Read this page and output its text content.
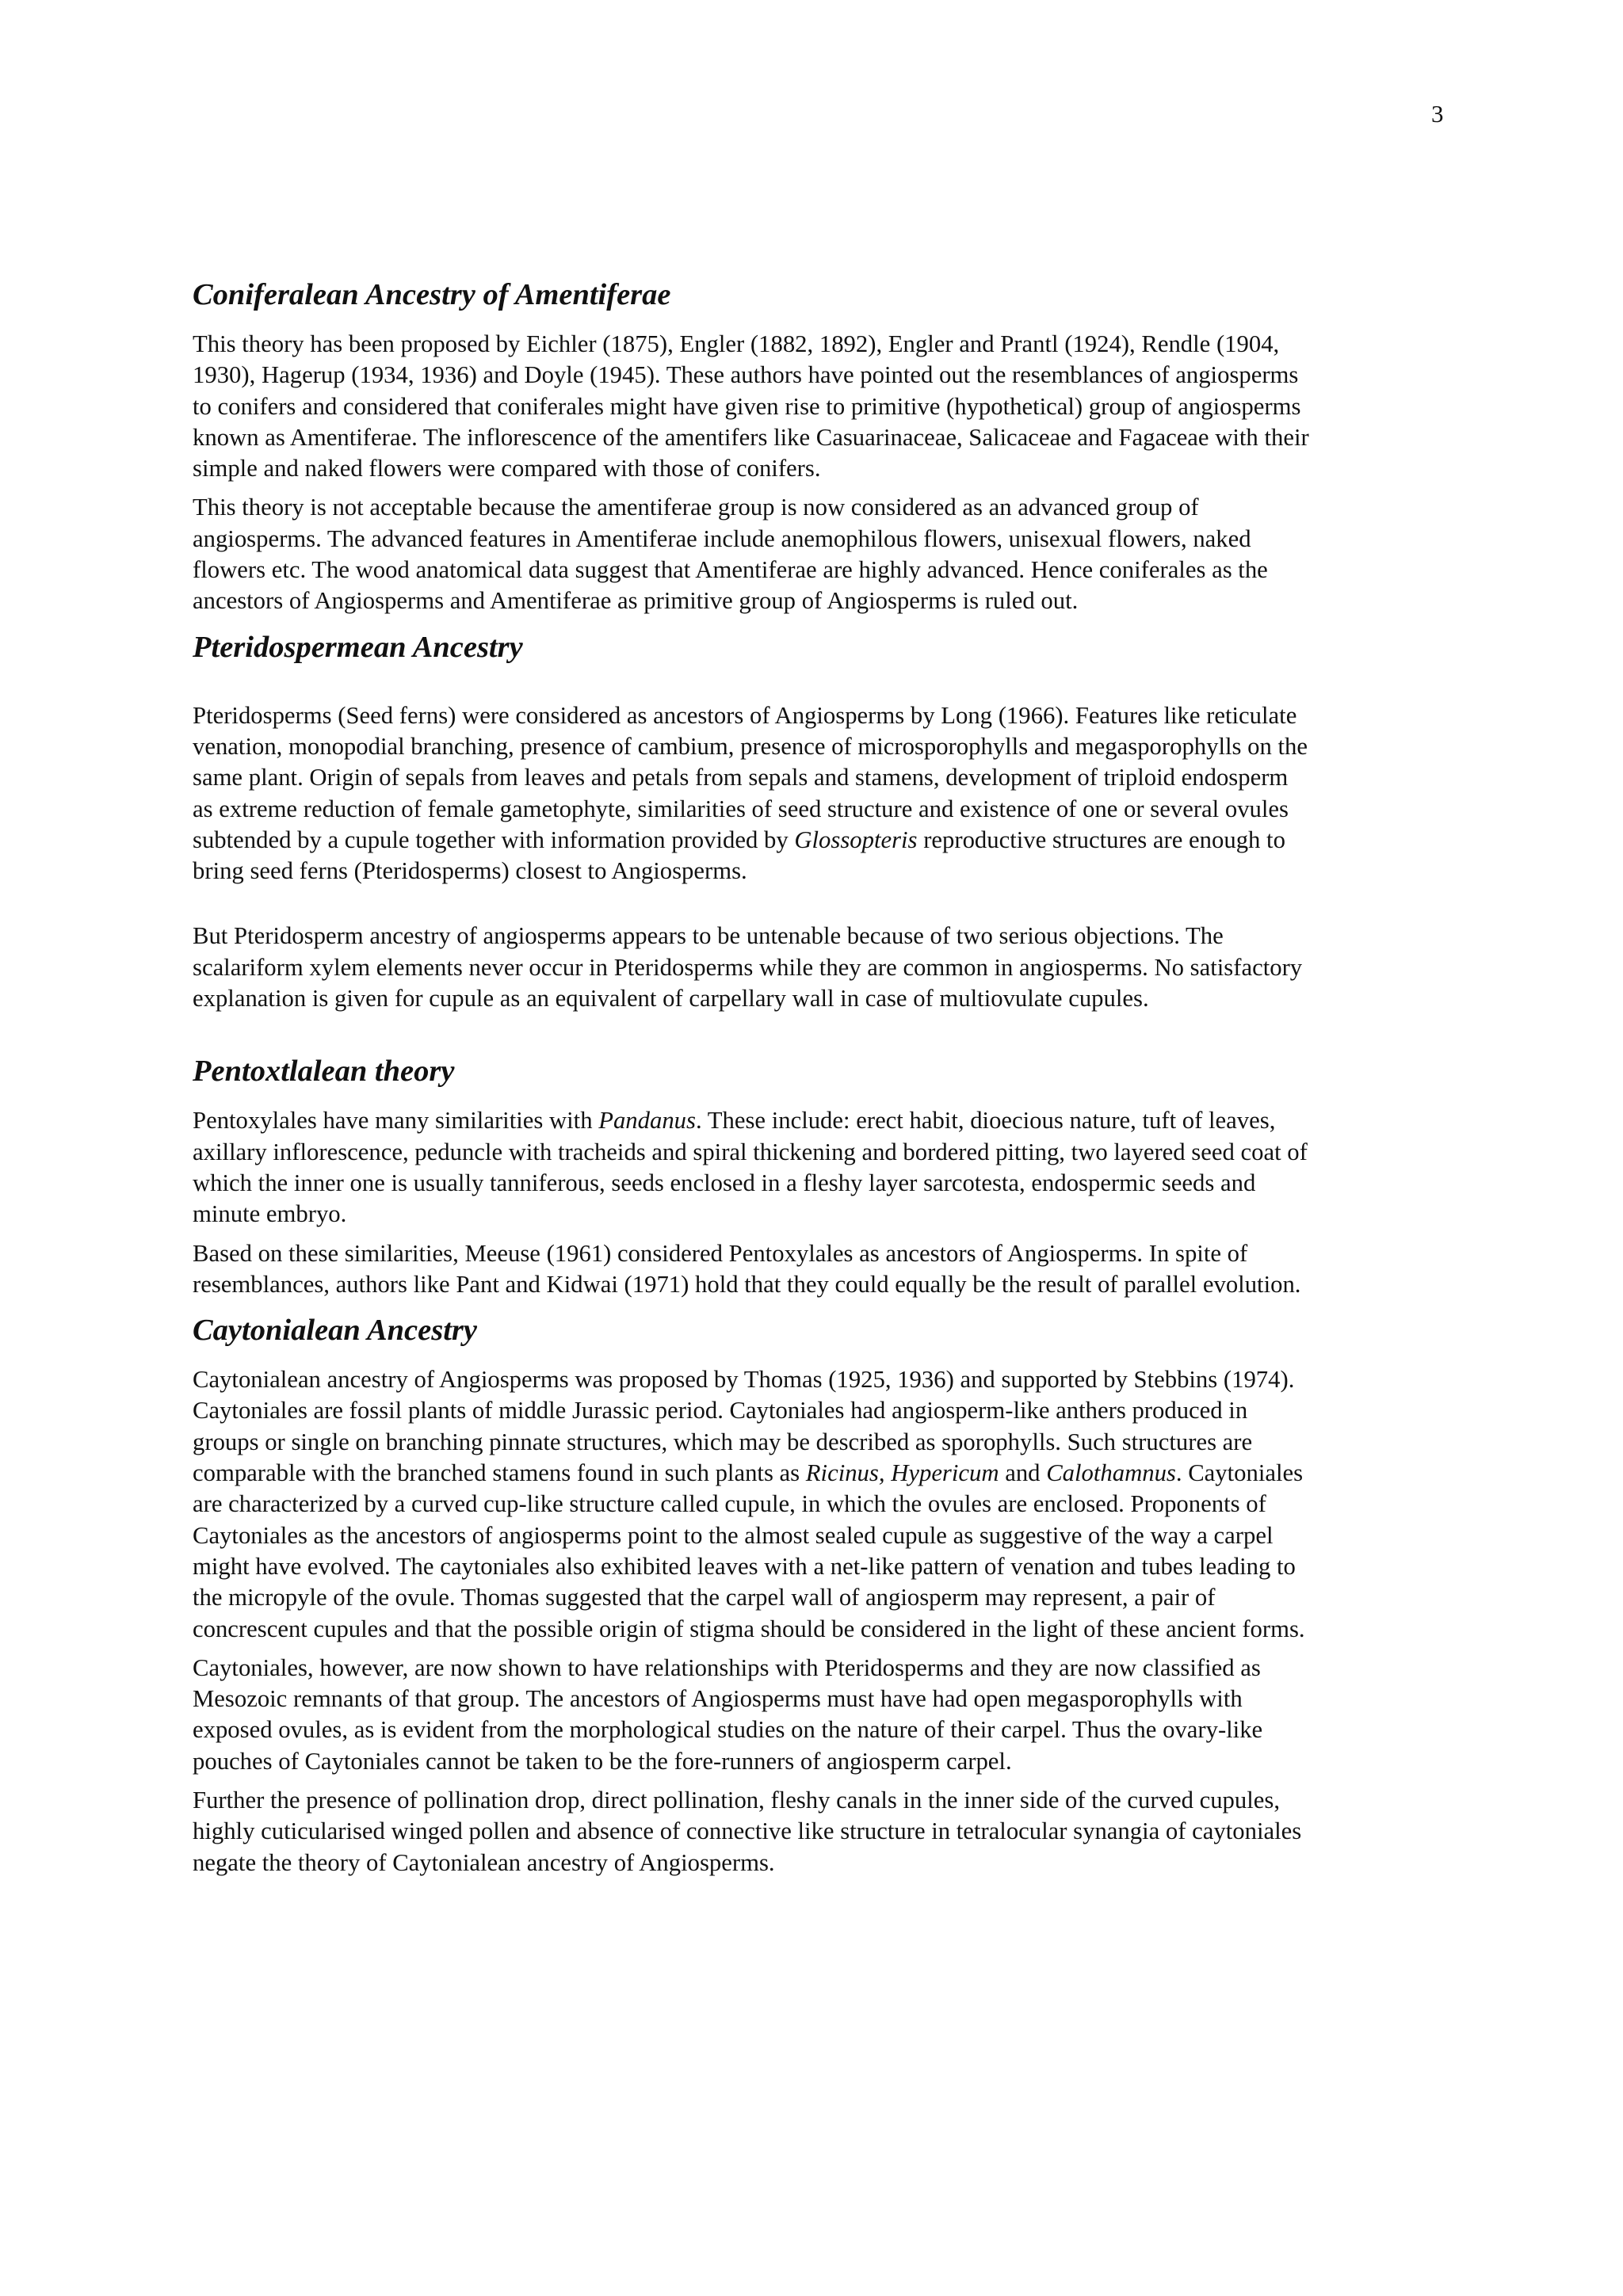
3
Coniferalean Ancestry of Amentiferae

This theory has been proposed by Eichler (1875), Engler (1882, 1892), Engler and Prantl (1924), Rendle (1904,
1930), Hagerup (1934, 1936) and Doyle (1945). These authors have pointed out the resemblances of angiosperms
to conifers and considered that coniferales might have given rise to primitive (hypothetical) group of angiosperms
known as Amentiferae. The inflorescence of the amentifers like Casuarinaceae, Salicaceae and Fagaceae with their
simple and naked flowers were compared with those of conifers.

This theory is not acceptable because the amentiferae group is now considered as an advanced group of
angiosperms. The advanced features in Amentiferae include anemophilous flowers, unisexual flowers, naked
flowers etc. The wood anatomical data suggest that Amentiferae are highly advanced. Hence coniferales as the
ancestors of Angiosperms and Amentiferae as primitive group of Angiosperms is ruled out.

Pteridospermean Ancestry

Pteridosperms (Seed ferns) were considered as ancestors of Angiosperms by Long (1966). Features like reticulate
venation, monopodial branching, presence of cambium, presence of microsporophylls and megasporophylls on the
same plant. Origin of sepals from leaves and petals from sepals and stamens, development of triploid endosperm
as extreme reduction of female gametophyte, similarities of seed structure and existence of one or several ovules
subtended by a cupule together with information provided by Glossopteris reproductive structures are enough to
bring seed ferns (Pteridosperms) closest to Angiosperms.

But Pteridosperm ancestry of angiosperms appears to be untenable because of two serious objections. The
scalariform xylem elements never occur in Pteridosperms while they are common in angiosperms. No satisfactory
explanation is given for cupule as an equivalent of carpellary wall in case of multiovulate cupules.

Pentoxtlalean theory

Pentoxylales have many similarities with Pandanus. These include: erect habit, dioecious nature, tuft of leaves,
axillary inflorescence, peduncle with tracheids and spiral thickening and bordered pitting, two layered seed coat of
which the inner one is usually tanniferous, seeds enclosed in a fleshy layer sarcotesta, endospermic seeds and
minute embryo.

Based on these similarities, Meeuse (1961) considered Pentoxylales as ancestors of Angiosperms. In spite of
resemblances, authors like Pant and Kidwai (1971) hold that they could equally be the result of parallel evolution.

Caytonialean Ancestry

Caytonialean ancestry of Angiosperms was proposed by Thomas (1925, 1936) and supported by Stebbins (1974).
Caytoniales are fossil plants of middle Jurassic period. Caytoniales had angiosperm-like anthers produced in
groups or single on branching pinnate structures, which may be described as sporophylls. Such structures are
comparable with the branched stamens found in such plants as Ricinus, Hypericum and Calothamnus. Caytoniales
are characterized by a curved cup-like structure called cupule, in which the ovules are enclosed. Proponents of
Caytoniales as the ancestors of angiosperms point to the almost sealed cupule as suggestive of the way a carpel
might have evolved. The caytoniales also exhibited leaves with a net-like pattern of venation and tubes leading to
the micropyle of the ovule. Thomas suggested that the carpel wall of angiosperm may represent, a pair of
concrescent cupules and that the possible origin of stigma should be considered in the light of these ancient forms.

Caytoniales, however, are now shown to have relationships with Pteridosperms and they are now classified as
Mesozoic remnants of that group. The ancestors of Angiosperms must have had open megasporophylls with
exposed ovules, as is evident from the morphological studies on the nature of their carpel. Thus the ovary-like
pouches of Caytoniales cannot be taken to be the fore-runners of angiosperm carpel.

Further the presence of pollination drop, direct pollination, fleshy canals in the inner side of the curved cupules,
highly cuticularised winged pollen and absence of connective like structure in tetralocular synangia of caytoniales
negate the theory of Caytonialean ancestry of Angiosperms.
